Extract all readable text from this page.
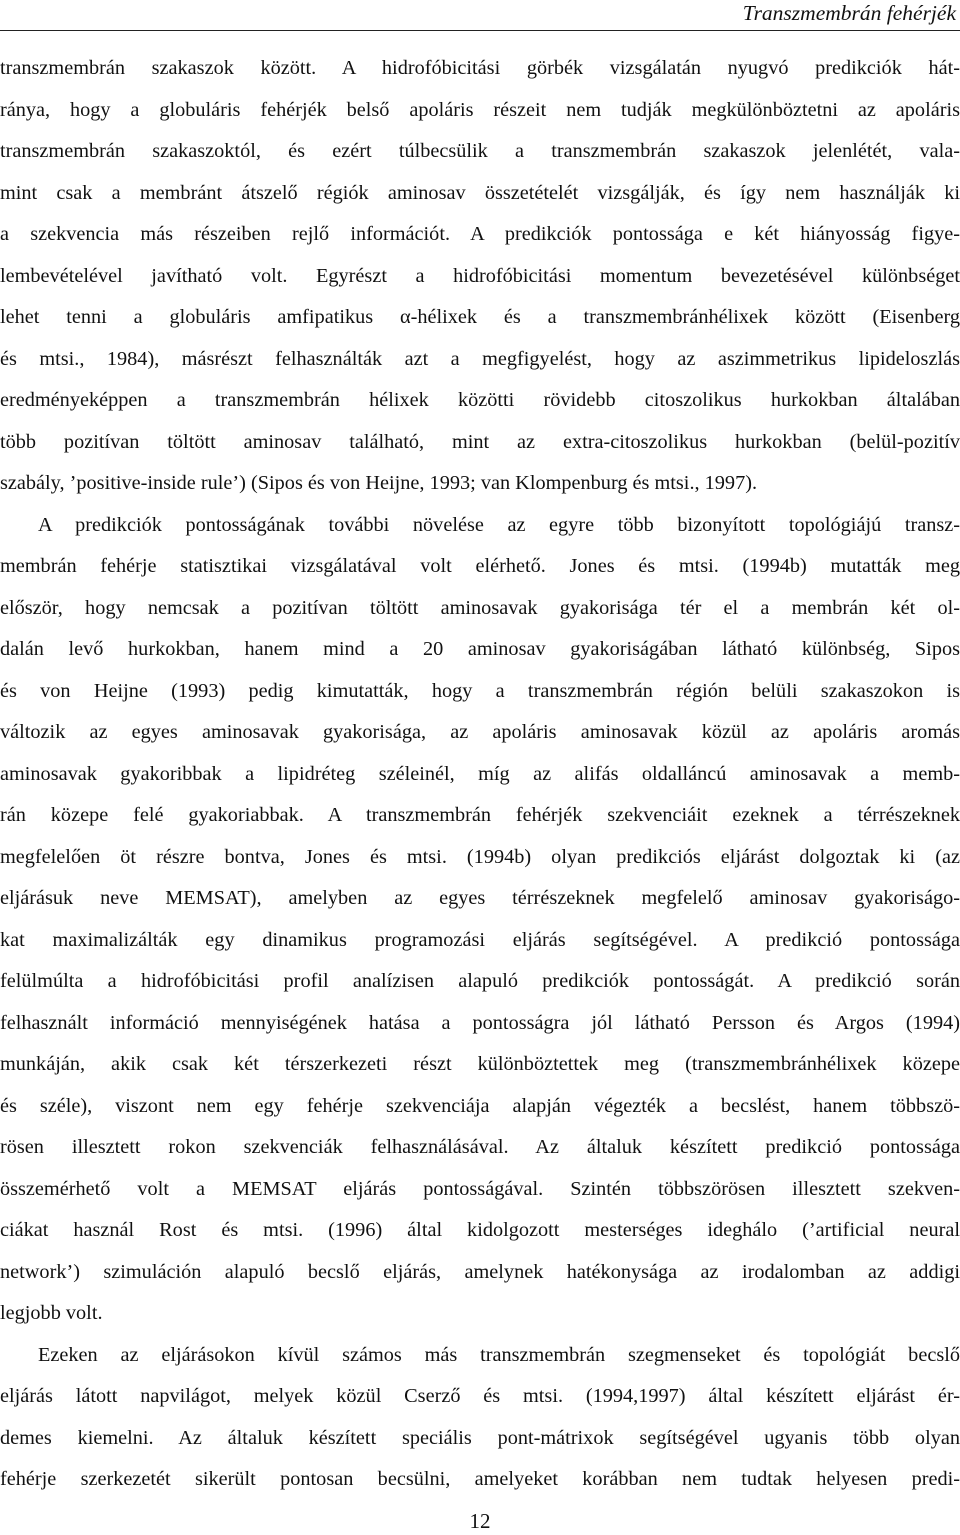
Transzmembrán fehérjék
transzmembrán szakaszok között. A hidrofóbicitási görbék vizsgálatán nyugvó predikciók hát-
ránya, hogy a globuláris fehérjék belső apoláris részeit nem tudják megkülönböztetni az apoláris
transzmembrán szakaszoktól, és ezért túlbecsülik a transzmembrán szakaszok jelenlétét, vala-
mint csak a membránt átszelő régiók aminosav összetételét vizsgálják, és így nem használják ki
a szekvencia más részeiben rejlő információt. A predikciók pontossága e két hiányosság figye-
lembevételével javítható volt. Egyrészt a hidrofóbicitási momentum bevezetésével különbséget
lehet tenni a globuláris amfipatikus α-hélixek és a transzmembránhélixek között (Eisenberg
és mtsi., 1984), másrészt felhasználták azt a megfigyelést, hogy az aszimmetrikus lipideloszlás
eredményeképpen a transzmembrán hélixek közötti rövidebb citoszolikus hurkokban általában
több pozitívan töltött aminosav található, mint az extra-citoszolikus hurkokban (belül-pozitív
szabály, ’positive-inside rule’) (Sipos és von Heijne, 1993; van Klompenburg és mtsi., 1997).
A predikciók pontosságának további növelése az egyre több bizonyított topológiájú transz-
membrán fehérje statisztikai vizsgálatával volt elérhető. Jones és mtsi. (1994b) mutatták meg
először, hogy nemcsak a pozitívan töltött aminosavak gyakorisága tér el a membrán két ol-
dalán levő hurkokban, hanem mind a 20 aminosav gyakoriságában látható különbség, Sipos
és von Heijne (1993) pedig kimutatták, hogy a transzmembrán régión belüli szakaszokon is
változik az egyes aminosavak gyakorisága, az apoláris aminosavak közül az apoláris aromás
aminosavak gyakoribbak a lipidréteg széleinél, míg az alifás oldalláncú aminosavak a memb-
rán közepe felé gyakoriabbak. A transzmembrán fehérjék szekvenciáit ezeknek a térrészeknek
megfelelően öt részre bontva, Jones és mtsi. (1994b) olyan predikciós eljárást dolgoztak ki (az
eljárásuk neve MEMSAT), amelyben az egyes térrészeknek megfelelő aminosav gyakoriságo-
kat maximalizálták egy dinamikus programozási eljárás segítségével. A predikció pontossága
felülmúlta a hidrofóbicitási profil analízisen alapuló predikciók pontosságát. A predikció során
felhasznált információ mennyiségének hatása a pontosságra jól látható Persson és Argos (1994)
munkáján, akik csak két térszerkezeti részt különböztettek meg (transzmembránhélixek közepe
és széle), viszont nem egy fehérje szekvenciája alapján végezték a becslést, hanem többszö-
rösen illesztett rokon szekvenciák felhasználásával. Az általuk készített predikció pontossága
összemérhető volt a MEMSAT eljárás pontosságával. Szintén többszörösen illesztett szekven-
ciákat használ Rost és mtsi. (1996) által kidolgozott mesterséges ideghálo (’artificial neural
network’) szimuláción alapuló becslő eljárás, amelynek hatékonysága az irodalomban az addigi
legjobb volt.
Ezeken az eljárásokon kívül számos más transzmembrán szegmenseket és topológiát becslő
eljárás látott napvilágot, melyek közül Cserző és mtsi. (1994,1997) által készített eljárást ér-
demes kiemelni. Az általuk készített speciális pont-mátrixok segítségével ugyanis több olyan
fehérje szerkezetét sikerült pontosan becsülni, amelyeket korábban nem tudtak helyesen predi-
12
